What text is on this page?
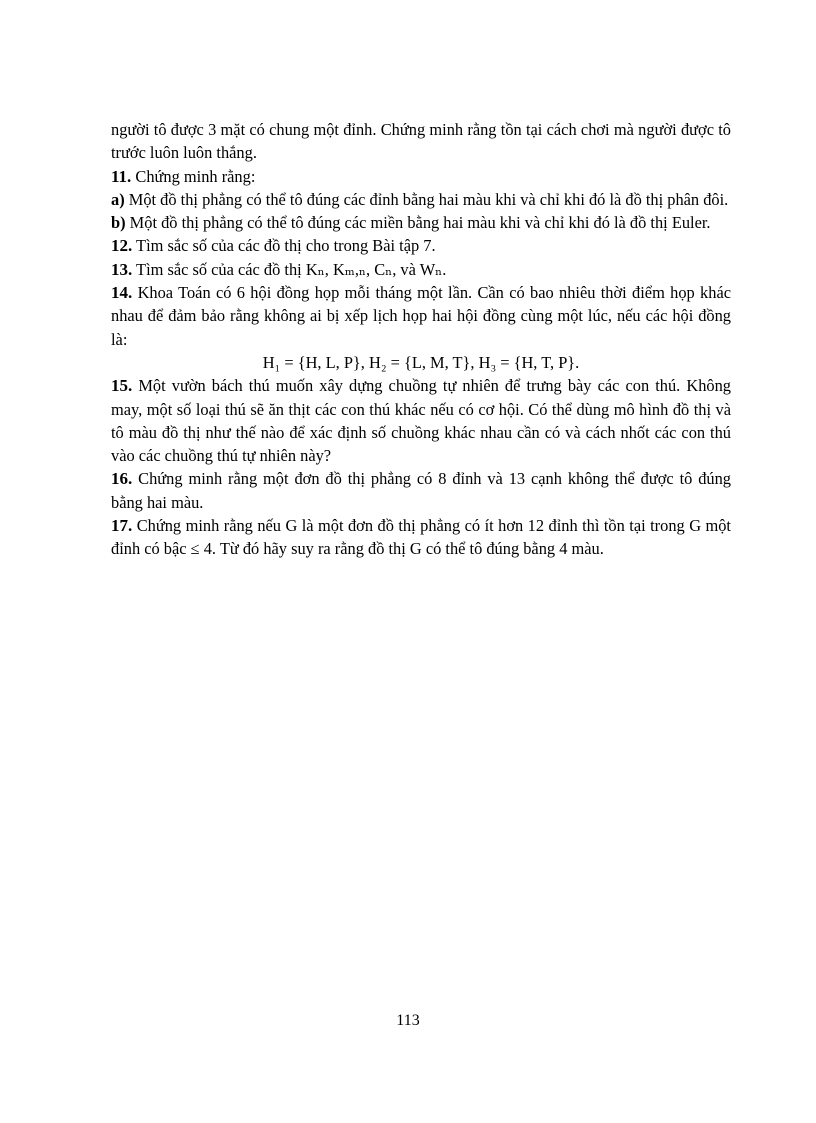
người tô được 3 mặt có chung một đỉnh. Chứng minh rằng tồn tại cách chơi mà người được tô trước luôn luôn thắng.

11. Chứng minh rằng:

a) Một đồ thị phẳng có thể tô đúng các đỉnh bằng hai màu khi và chỉ khi đó là đồ thị phân đôi.

b) Một đồ thị phẳng có thể tô đúng các miền bằng hai màu khi và chỉ khi đó là đồ thị Euler.

12. Tìm sắc số của các đồ thị cho trong Bài tập 7.

13. Tìm sắc số của các đồ thị Kₙ, Kₘ,ₙ, Cₙ, và Wₙ.

14. Khoa Toán có 6 hội đồng họp mỗi tháng một lần. Cần có bao nhiêu thời điểm họp khác nhau để đảm bảo rằng không ai bị xếp lịch họp hai hội đồng cùng một lúc, nếu các hội đồng là:

H₁ = {H, L, P}, H₂ = {L, M, T}, H₃ = {H, T, P}.

15. Một vườn bách thú muốn xây dựng chuồng tự nhiên để trưng bày các con thú. Không may, một số loại thú sẽ ăn thịt các con thú khác nếu có cơ hội. Có thể dùng mô hình đồ thị và tô màu đồ thị như thế nào để xác định số chuồng khác nhau cần có và cách nhốt các con thú vào các chuồng thú tự nhiên này?

16. Chứng minh rằng một đơn đồ thị phẳng có 8 đỉnh và 13 cạnh không thể được tô đúng bằng hai màu.

17. Chứng minh rằng nếu G là một đơn đồ thị phẳng có ít hơn 12 đỉnh thì tồn tại trong G một đỉnh có bậc ≤ 4. Từ đó hãy suy ra rằng đồ thị G có thể tô đúng bằng 4 màu.

113
